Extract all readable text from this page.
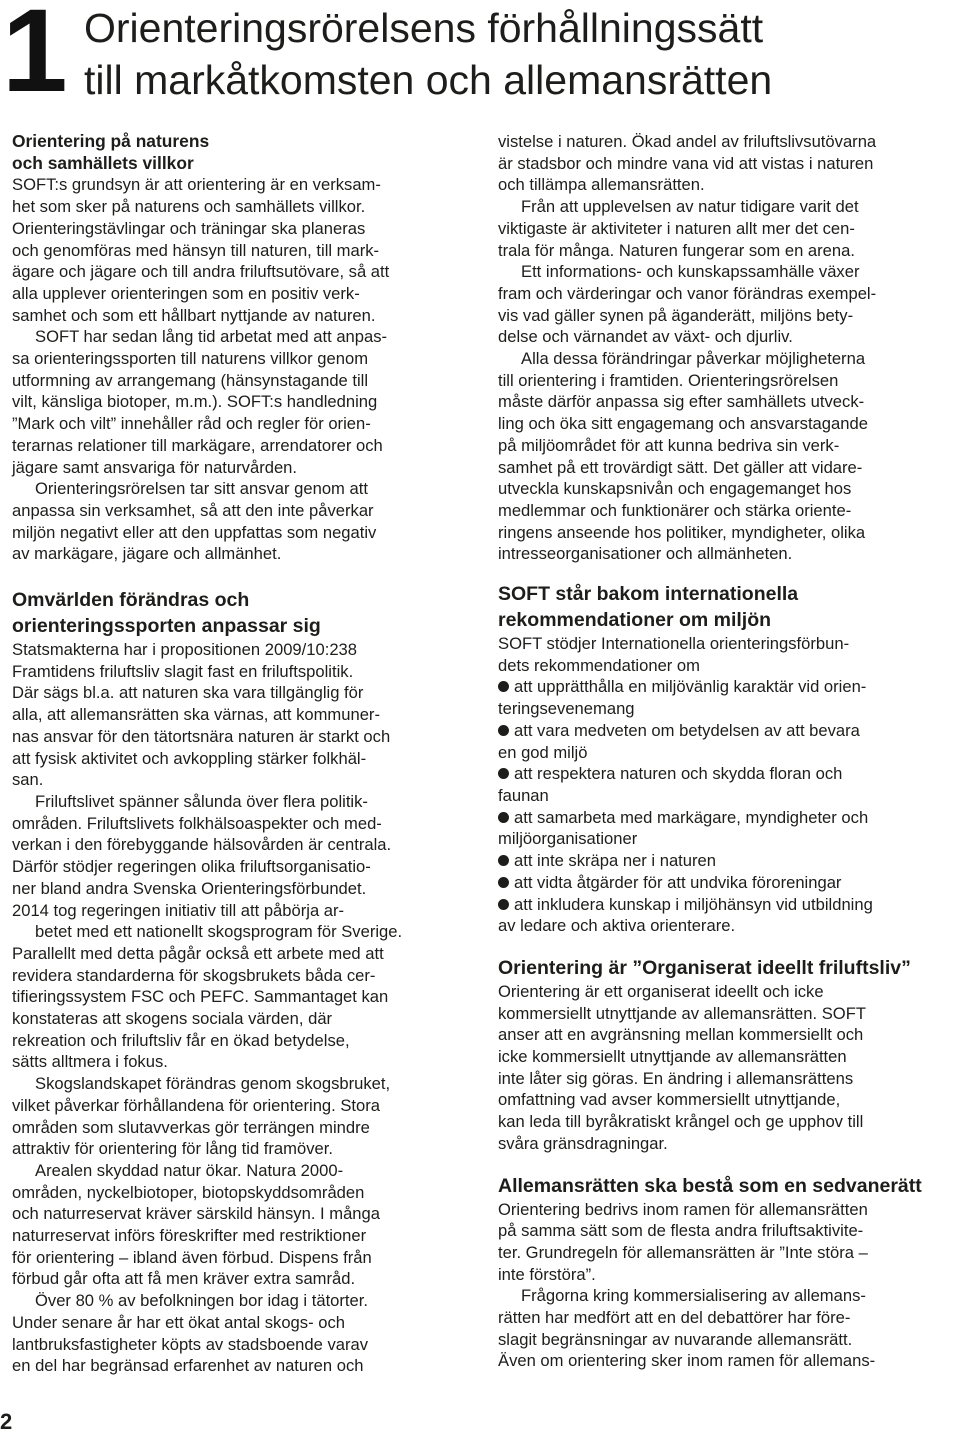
1 Orienteringsrörelsens förhållningssätt
till markåtkomsten och allemansrätten
Orientering på naturens
och samhällets villkor
SOFT:s grundsyn är att orientering är en verksam-
het som sker på naturens och samhällets villkor.
Orienteringstävlingar och träningar ska planeras
och genomföras med hänsyn till naturen, till mark-
ägare och jägare och till andra friluftsutövare, så att
alla upplever orienteringen som en positiv verk-
samhet och som ett hållbart nyttjande av naturen.
SOFT har sedan lång tid arbetat med att anpas-
sa orienteringssporten till naturens villkor genom
utformning av arrangemang (hänsynstagande till
vilt, känsliga biotoper, m.m.). SOFT:s handledning
”Mark och vilt” innehåller råd och regler för orien-
terarnas relationer till markägare, arrendatorer och
jägare samt ansvariga för naturvården.
Orienteringsrörelsen tar sitt ansvar genom att
anpassa sin verksamhet, så att den inte påverkar
miljön negativt eller att den uppfattas som negativ
av markägare, jägare och allmänhet.
Omvärlden förändras och
orienteringssporten anpassar sig
Statsmakterna har i propositionen 2009/10:238
Framtidens friluftsliv slagit fast en friluftspolitik.
Där sägs bl.a. att naturen ska vara tillgänglig för
alla, att allemansrätten ska värnas, att kommuner-
nas ansvar för den tätortsnära naturen är starkt och
att fysisk aktivitet och avkoppling stärker folkhäl-
san.
Friluftslivet spänner sålunda över flera politik-
områden. Friluftslivets folkhälsoaspekter och med-
verkan i den förebyggande hälsovården är centrala.
Därför stödjer regeringen olika friluftsorganisatio-
ner bland andra Svenska Orienteringsförbundet.
2014 tog regeringen initiativ till att påbörja ar-
betet med ett nationellt skogsprogram för Sverige.
Parallellt med detta pågår också ett arbete med att
revidera standarderna för skogsbrukets båda cer-
tifieringssystem FSC och PEFC. Sammantaget kan
konstateras att skogens sociala värden, där
rekreation och friluftsliv får en ökad betydelse,
sätts alltmera i fokus.
Skogslandskapet förändras genom skogsbruket,
vilket påverkar förhållandena för orientering. Stora
områden som slutavverkas gör terrängen mindre
attraktiv för orientering för lång tid framöver.
Arealen skyddad natur ökar. Natura 2000-
områden, nyckelbiotoper, biotopskyddsområden
och naturreservat kräver särskild hänsyn. I många
naturreservat införs föreskrifter med restriktioner
för orientering – ibland även förbud. Dispens från
förbud går ofta att få men kräver extra samråd.
Över 80 % av befolkningen bor idag i tätorter.
Under senare år har ett ökat antal skogs- och
lantbruksfastigheter köpts av stadsboende varav
en del har begränsad erfarenhet av naturen och
vistelse i naturen. Ökad andel av friluftslivsutövarna
är stadsbor och mindre vana vid att vistas i naturen
och tillämpa allemansrätten.
Från att upplevelsen av natur tidigare varit det
viktigaste är aktiviteter i naturen allt mer det cen-
trala för många. Naturen fungerar som en arena.
Ett informations- och kunskapssamhälle växer
fram och värderingar och vanor förändras exempel-
vis vad gäller synen på äganderätt, miljöns bety-
delse och värnandet av växt- och djurliv.
Alla dessa förändringar påverkar möjligheterna
till orientering i framtiden. Orienteringsrörelsen
måste därför anpassa sig efter samhällets utveck-
ling och öka sitt engagemang och ansvarstagande
på miljöområdet för att kunna bedriva sin verk-
samhet på ett trovärdigt sätt. Det gäller att vidare-
utveckla kunskapsnivån och engagemanget hos
medlemmar och funktionärer och stärka oriente-
ringens anseende hos politiker, myndigheter, olika
intresseorganisationer och allmänheten.
SOFT står bakom internationella
rekommendationer om miljön
SOFT stödjer Internationella orienteringsförbun-
dets rekommendationer om
att upprätthålla en miljövänlig karaktär vid orien-
teringsevenemang
att vara medveten om betydelsen av att bevara
en god miljö
att respektera naturen och skydda floran och
faunan
att samarbeta med markägare, myndigheter och
miljöorganisationer
att inte skräpa ner i naturen
att vidta åtgärder för att undvika föroreningar
att inkludera kunskap i miljöhänsyn vid utbildning
av ledare och aktiva orienterare.
Orientering är ”Organiserat ideellt friluftsliv”
Orientering är ett organiserat ideellt och icke
kommersiellt utnyttjande av allemansrätten. SOFT
anser att en avgränsning mellan kommersiellt och
icke kommersiellt utnyttjande av allemansrätten
inte låter sig göras. En ändring i allemansrättens
omfattning vad avser kommersiellt utnyttjande,
kan leda till byråkratiskt krångel och ge upphov till
svåra gränsdragningar.
Allemansrätten ska bestå som en sedvanerätt
Orientering bedrivs inom ramen för allemansrätten
på samma sätt som de flesta andra friluftsaktivite-
ter. Grundregeln för allemansrätten är ”Inte störa –
inte förstöra”.
Frågorna kring kommersialisering av allemans-
rätten har medfört att en del debattörer har före-
slagit begränsningar av nuvarande allemansrätt.
Även om orientering sker inom ramen för allemans-
2
